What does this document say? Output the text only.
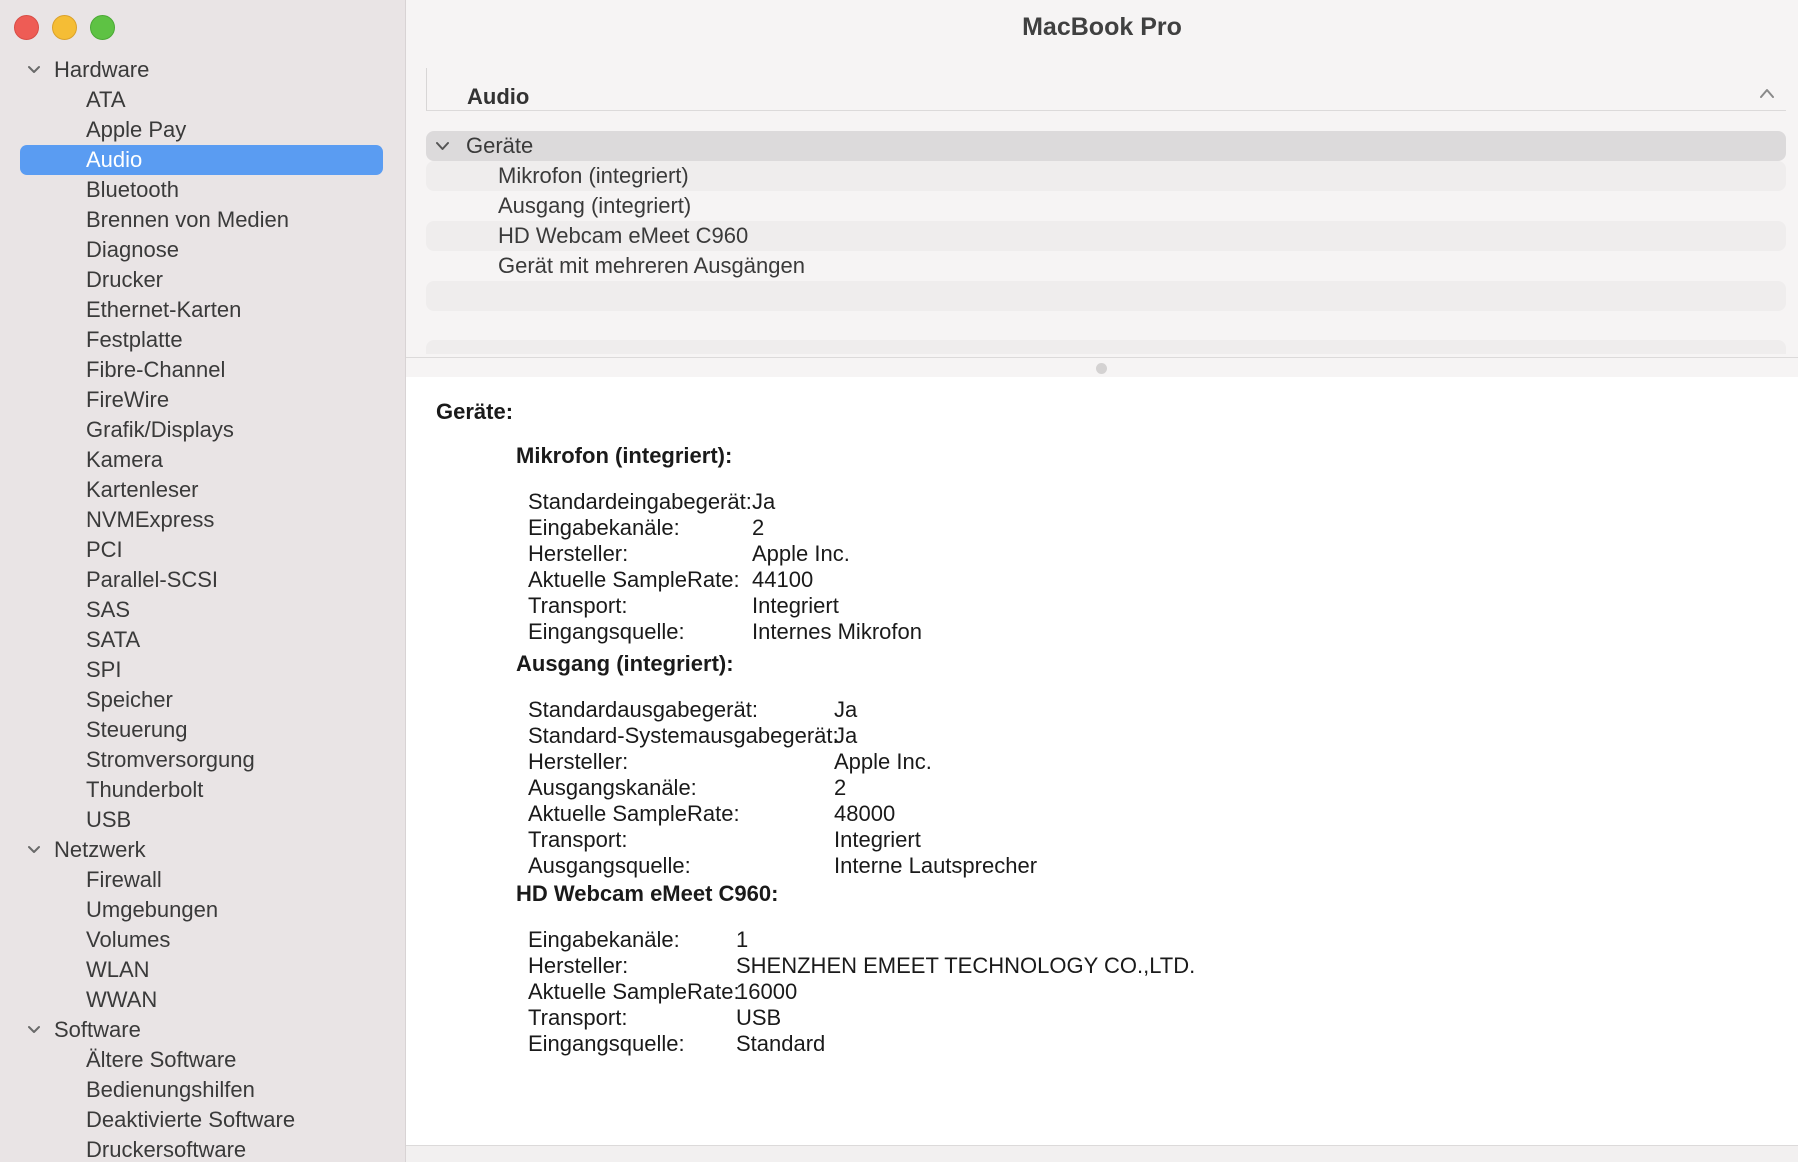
Hardware
ATA
Apple Pay
Audio
Bluetooth
Brennen von Medien
Diagnose
Drucker
Ethernet-Karten
Festplatte
Fibre-Channel
FireWire
Grafik/Displays
Kamera
Kartenleser
NVMExpress
PCI
Parallel-SCSI
SAS
SATA
SPI
Speicher
Steuerung
Stromversorgung
Thunderbolt
USB
Netzwerk
Firewall
Umgebungen
Volumes
WLAN
WWAN
Software
Ältere Software
Bedienungshilfen
Deaktivierte Software
Druckersoftware
MacBook Pro
Audio
Geräte
Mikrofon (integriert)
Ausgang (integriert)
HD Webcam eMeet C960
Gerät mit mehreren Ausgängen
Geräte:
Mikrofon (integriert):
Standardeingabegerät: Ja
Eingabekanäle:	2
Hersteller:	Apple Inc.
Aktuelle SampleRate: 44100
Transport:	Integriert
Eingangsquelle:	Internes Mikrofon
Ausgang (integriert):
Standardausgabegerät:	Ja
Standard-Systemausgabegerät:
Ja
Hersteller:	Apple Inc.
Ausgangskanäle:	2
Aktuelle SampleRate:	48000
Transport:	Integriert
Ausgangsquelle:	Interne Lautsprecher
HD Webcam eMeet C960:
Eingabekanäle:	1
Hersteller:	SHENZHEN EMEET TECHNOLOGY CO.,LTD.
Aktuelle SampleRate:
16000
Transport:	USB
Eingangsquelle: Standard
